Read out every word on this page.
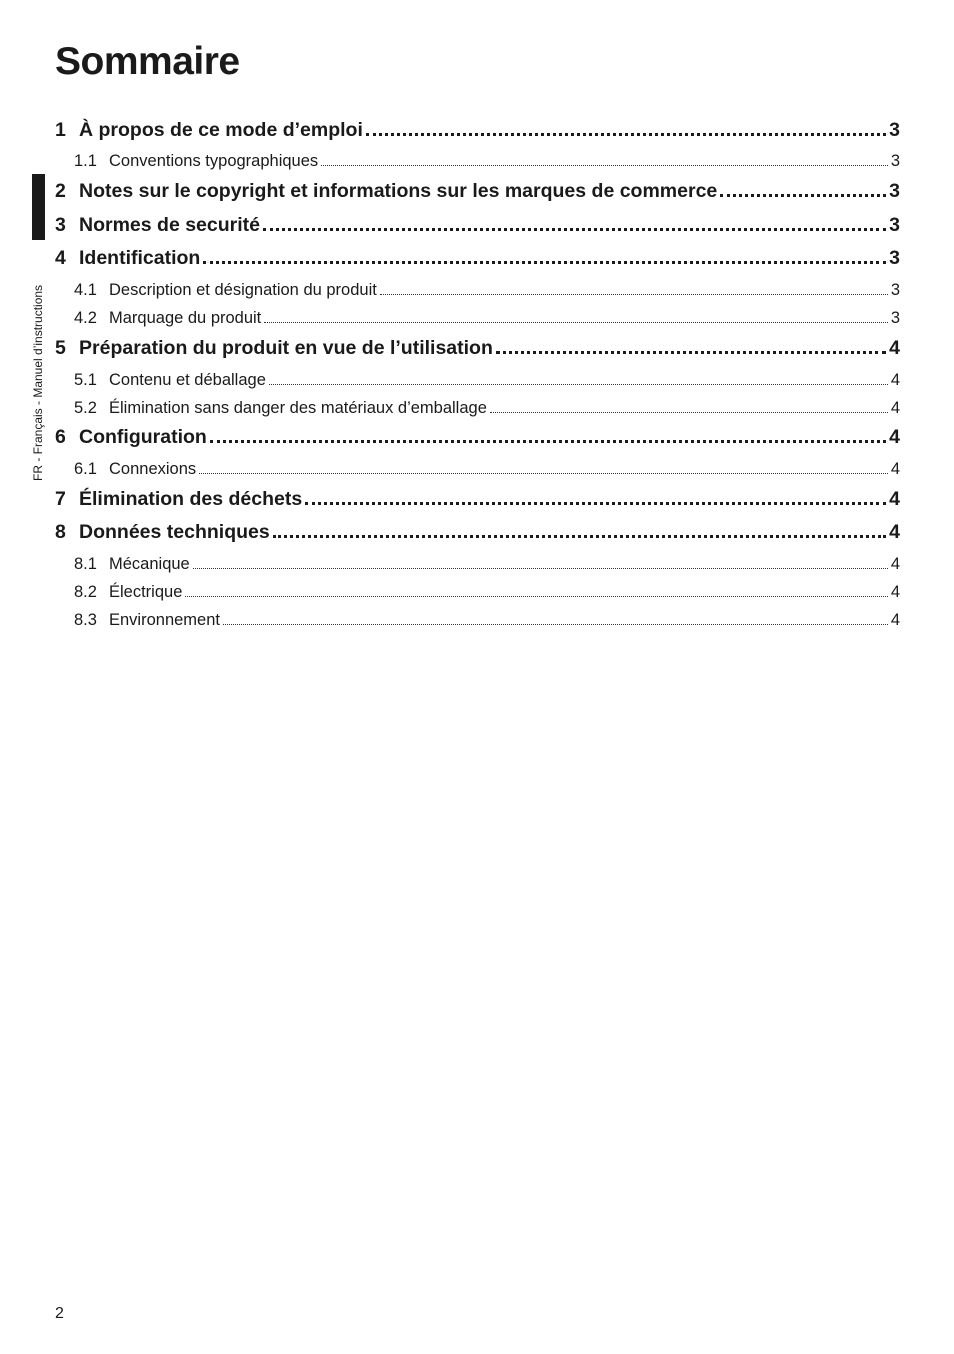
Sommaire
FR - Français - Manuel d’instructions
1 À propos de ce mode d’emploi	3
1.1 Conventions typographiques	3
2 Notes sur le copyright et informations sur les marques de commerce	3
3 Normes de securité	3
4 Identification	3
4.1 Description et désignation du produit	3
4.2 Marquage du produit	3
5 Préparation du produit en vue de l’utilisation	4
5.1 Contenu et déballage	4
5.2 Élimination sans danger des matériaux d’emballage	4
6 Configuration	4
6.1 Connexions	4
7 Élimination des déchets	4
8 Données techniques	4
8.1 Mécanique	4
8.2 Électrique	4
8.3 Environnement	4
2
